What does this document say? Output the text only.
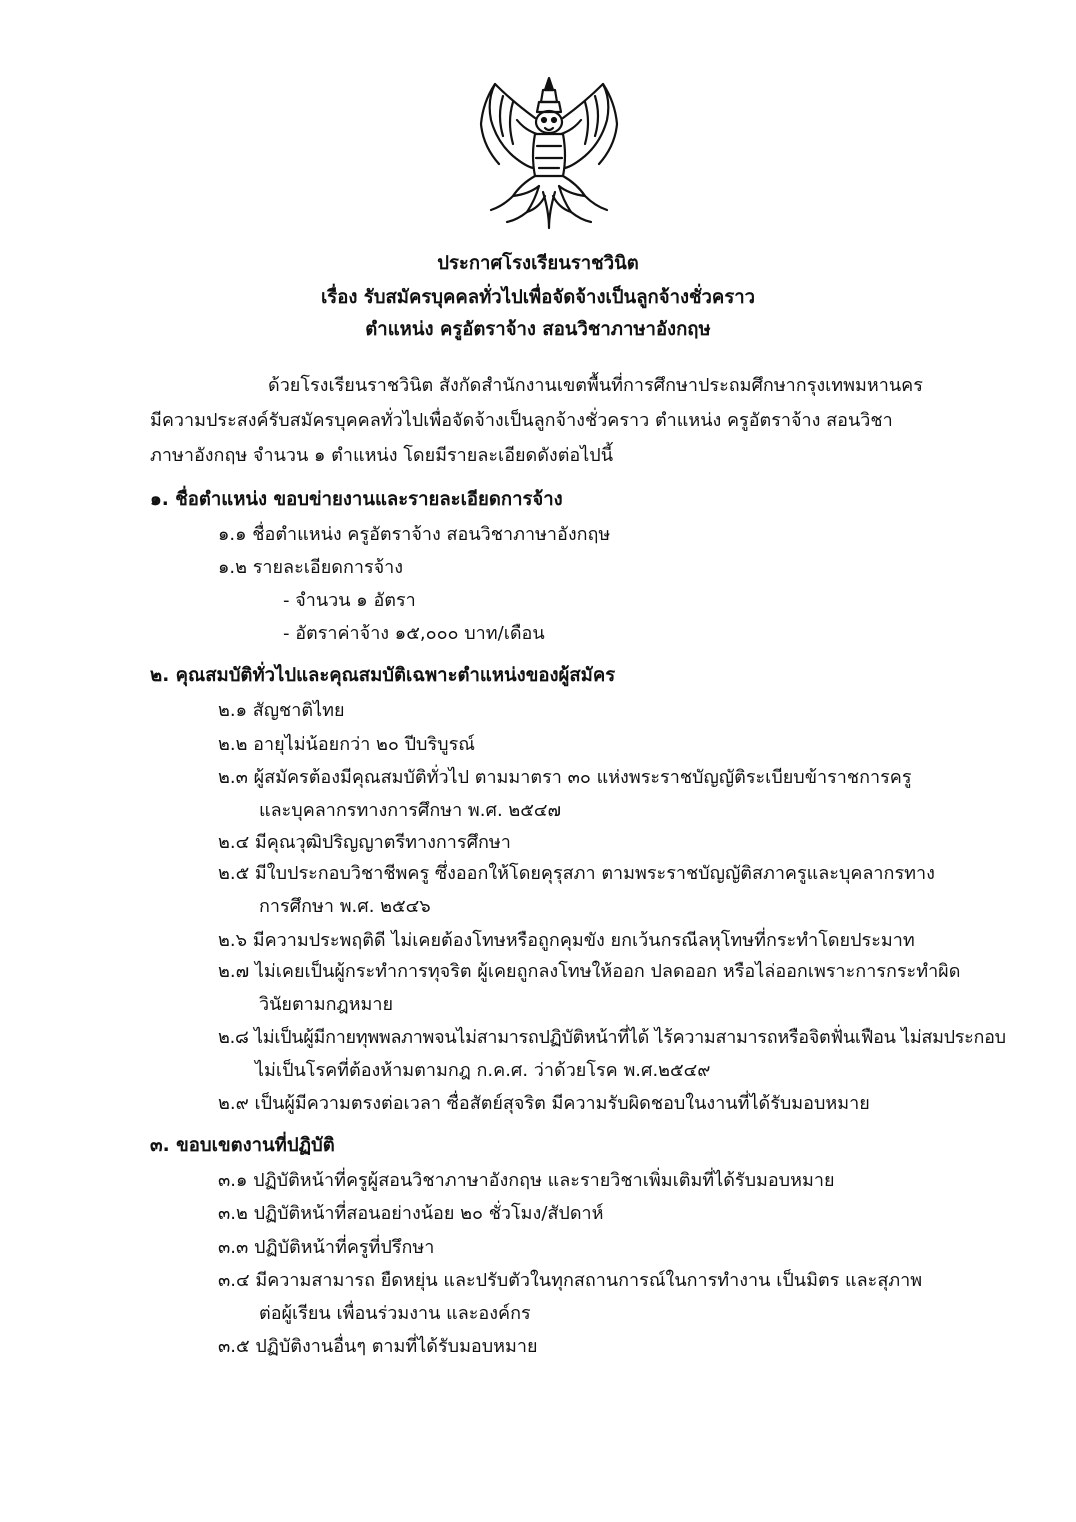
ประกาศโรงเรียนราชวินิต
เรื่อง รับสมัครบุคคลทั่วไปเพื่อจัดจ้างเป็นลูกจ้างชั่วคราว
ตำแหน่ง ครูอัตราจ้าง สอนวิชาภาษาอังกฤษ
ด้วยโรงเรียนราชวินิต สังกัดสำนักงานเขตพื้นที่การศึกษาประถมศึกษากรุงเทพมหานคร
มีความประสงค์รับสมัครบุคคลทั่วไปเพื่อจัดจ้างเป็นลูกจ้างชั่วคราว ตำแหน่ง ครูอัตราจ้าง สอนวิชา
ภาษาอังกฤษ จำนวน ๑ ตำแหน่ง โดยมีรายละเอียดดังต่อไปนี้
๑. ชื่อตำแหน่ง ขอบข่ายงานและรายละเอียดการจ้าง
๑.๑ ชื่อตำแหน่ง ครูอัตราจ้าง สอนวิชาภาษาอังกฤษ
๑.๒ รายละเอียดการจ้าง
- จำนวน ๑ อัตรา
- อัตราค่าจ้าง ๑๕,๐๐๐ บาท/เดือน
๒. คุณสมบัติทั่วไปและคุณสมบัติเฉพาะตำแหน่งของผู้สมัคร
๒.๑ สัญชาติไทย
๒.๒ อายุไม่น้อยกว่า ๒๐ ปีบริบูรณ์
๒.๓ ผู้สมัครต้องมีคุณสมบัติทั่วไป ตามมาตรา ๓๐ แห่งพระราชบัญญัติระเบียบข้าราชการครู
และบุคลากรทางการศึกษา พ.ศ. ๒๕๔๗
๒.๔ มีคุณวุฒิปริญญาตรีทางการศึกษา
๒.๕ มีใบประกอบวิชาชีพครู ซึ่งออกให้โดยคุรุสภา ตามพระราชบัญญัติสภาครูและบุคลากรทาง
การศึกษา พ.ศ. ๒๕๔๖
๒.๖ มีความประพฤติดี ไม่เคยต้องโทษหรือถูกคุมขัง ยกเว้นกรณีลหุโทษที่กระทำโดยประมาท
๒.๗ ไม่เคยเป็นผู้กระทำการทุจริต ผู้เคยถูกลงโทษให้ออก ปลดออก หรือไล่ออกเพราะการกระทำผิด
วินัยตามกฎหมาย
๒.๘ ไม่เป็นผู้มีกายทุพพลภาพจนไม่สามารถปฏิบัติหน้าที่ได้ ไร้ความสามารถหรือจิตฟั่นเฟือน ไม่สมประกอบ
ไม่เป็นโรคที่ต้องห้ามตามกฎ ก.ค.ศ. ว่าด้วยโรค พ.ศ.๒๕๔๙
๒.๙ เป็นผู้มีความตรงต่อเวลา ซื่อสัตย์สุจริต มีความรับผิดชอบในงานที่ได้รับมอบหมาย
๓. ขอบเขตงานที่ปฏิบัติ
๓.๑ ปฏิบัติหน้าที่ครูผู้สอนวิชาภาษาอังกฤษ และรายวิชาเพิ่มเติมที่ได้รับมอบหมาย
๓.๒ ปฏิบัติหน้าที่สอนอย่างน้อย ๒๐ ชั่วโมง/สัปดาห์
๓.๓ ปฏิบัติหน้าที่ครูที่ปรึกษา
๓.๔ มีความสามารถ ยืดหยุ่น และปรับตัวในทุกสถานการณ์ในการทำงาน เป็นมิตร และสุภาพ
ต่อผู้เรียน เพื่อนร่วมงาน และองค์กร
๓.๕ ปฏิบัติงานอื่นๆ ตามที่ได้รับมอบหมาย
